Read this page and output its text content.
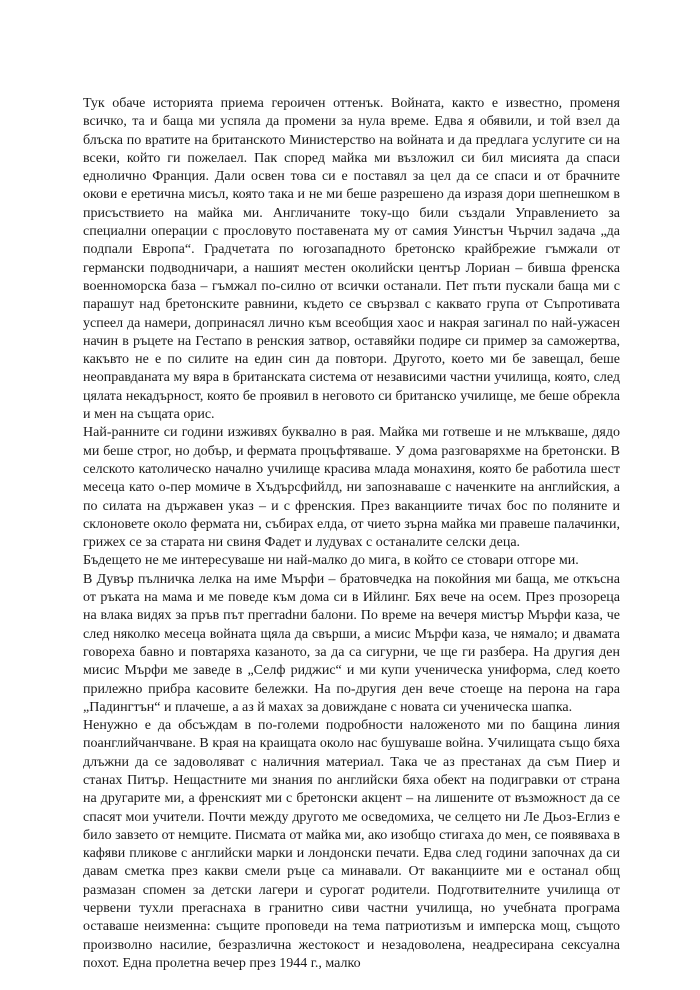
Тук обаче историята приема героичен оттенък. Войната, както е известно, променя всичко, та и баща ми успяла да промени за нула време. Едва я обявили, и той взел да блъска по вратите на британското Министерство на войната и да предлага услугите си на всеки, който ги пожелаел. Пак според майка ми възложил си бил мисията да спаси еднолично Франция. Дали освен това си е поставял за цел да се спаси и от брачните окови е еретична мисъл, която така и не ми беше разрешено да изразя дори шепнешком в присъствието на майка ми. Англичаните току-що били създали Управлението за специални операции с прословуто поставената му от самия Уинстън Чърчил задача „да подпали Европа“. Градчетата по югозападното бретонско крайбрежие гъмжали от германски подводничари, а нашият местен околийски център Лориан – бивша френска военноморска база – гъмжал по-силно от всички останали. Пет пъти пускали баща ми с парашут над бретонските равнини, където се свързвал с каквато група от Съпротивата успеел да намери, допринасял лично към всеобщия хаос и накрая загинал по най-ужасен начин в ръцете на Гестапо в ренския затвор, оставяйки подире си пример за саможертва, какъвто не е по силите на един син да повтори. Другото, което ми бе завещал, беше неоправданата му вяра в британската система от независими частни училища, която, след цялата некадърност, която бе проявил в неговото си британско училище, ме беше обрекла и мен на същата орис.

Най-ранните си години изживях буквално в рая. Майка ми готвеше и не млъкваше, дядо ми беше строг, но добър, и фермата процъфтяваше. У дома разговаряхме на бретонски. В селското католическо начално училище красива млада монахиня, която бе работила шест месеца като о-пер момиче в Хъдърсфийлд, ни запознаваше с наченките на английския, а по силата на държавен указ – и с френския. През ваканциите тичах бос по поляните и склоновете около фермата ни, събирах елда, от чието зърна майка ми правеше палачинки, грижех се за старата ни свиня Фадет и лудувах с останалите селски деца.

Бъдещето не ме интересуваше ни най-малко до мига, в който се стовари отгоре ми.

В Дувър пълничка лелка на име Мърфи – братовчедка на покойния ми баща, ме откъсна от ръката на мама и ме поведе към дома си в Ийлинг. Бях вече на осем. През прозореца на влака видях за пръв път прегradни балони. По време на вечеря мистър Мърфи каза, че след няколко месеца войната щяла да свърши, а мисис Мърфи каза, че нямало; и двамата говореха бавно и повтаряха казаното, за да са сигурни, че ще ги разбера. На другия ден мисис Мърфи ме заведе в „Селф риджис“ и ми купи ученическа униформа, след което прилежно прибра касовите бележки. На по-другия ден вече стоеще на перона на гара „Падингтън“ и плачеше, а аз й махах за довиждане с новата си ученическа шапка.

Ненужно е да обсъждам в по-големи подробности наложеното ми по бащина линия поанглийчанчване. В края на краищата около нас бушуваше война. Училищата също бяха длъжни да се задоволяват с наличния материал. Така че аз престанах да съм Пиер и станах Питър. Нещастните ми знания по английски бяха обект на подигравки от страна на другарите ми, а френският ми с бретонски акцент – на лишените от възможност да се спасят мои учители. Почти между другото ме осведомиха, че селцето ни Ле Дьоз-Еглиз е било завзето от немците. Писмата от майка ми, ако изобщо стигаха до мен, се появяваха в кафяви пликове с английски марки и лондонски печати. Едва след години започнах да си давам сметка през какви смели ръце са минавали. От ваканциите ми е останал общ размазан спомен за детски лагери и сурогат родители. Подготвителните училища от червени тухли преraснаха в гранитно сиви частни училища, но учебната програма оставаше неизменна: същите проповеди на тема патриотизъм и имперска мощ, същото произволно насилие, безразлична жестокост и незадоволена, неадресирана сексуална похот. Една пролетна вечер през 1944 г., малко
